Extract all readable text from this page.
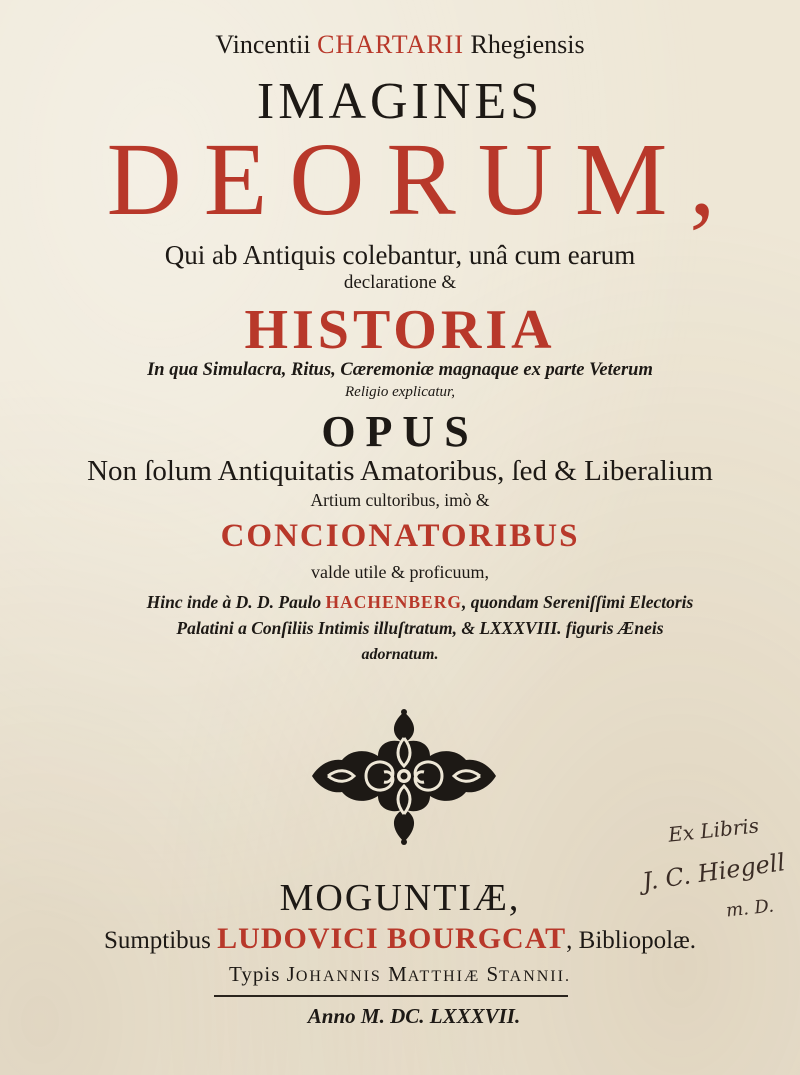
Vincentii CHARTARII Rhegiensis
IMAGINES
DEORUM,
Qui ab Antiquis colebantur, unâ cum earum
declaratione &
HISTORIA
In qua Simulacra, Ritus, Cæremoniæ magnaque ex parte Veterum
Religio explicatur,
OPUS
Non ſolum Antiquitatis Amatoribus, ſed & Liberalium
Artium cultoribus, imò &
CONCIONATORIBUS
valde utile & proficuum,
Hinc inde à D. D. Paulo HACHENBERG, quondam Sereniſſimi Electoris
Palatini a Conſiliis Intimis illuſtratum, & LXXXVIII. figuris Æneis
adornatum.
Ex Libris
J. C. Hiegell
m. D.
MOGUNTIÆ,
Sumptibus LUDOVICI BOURGCAT, Bibliopolæ.
Typis JOHANNIS MATTHIÆ STANNII.
Anno M. DC. LXXXVII.
